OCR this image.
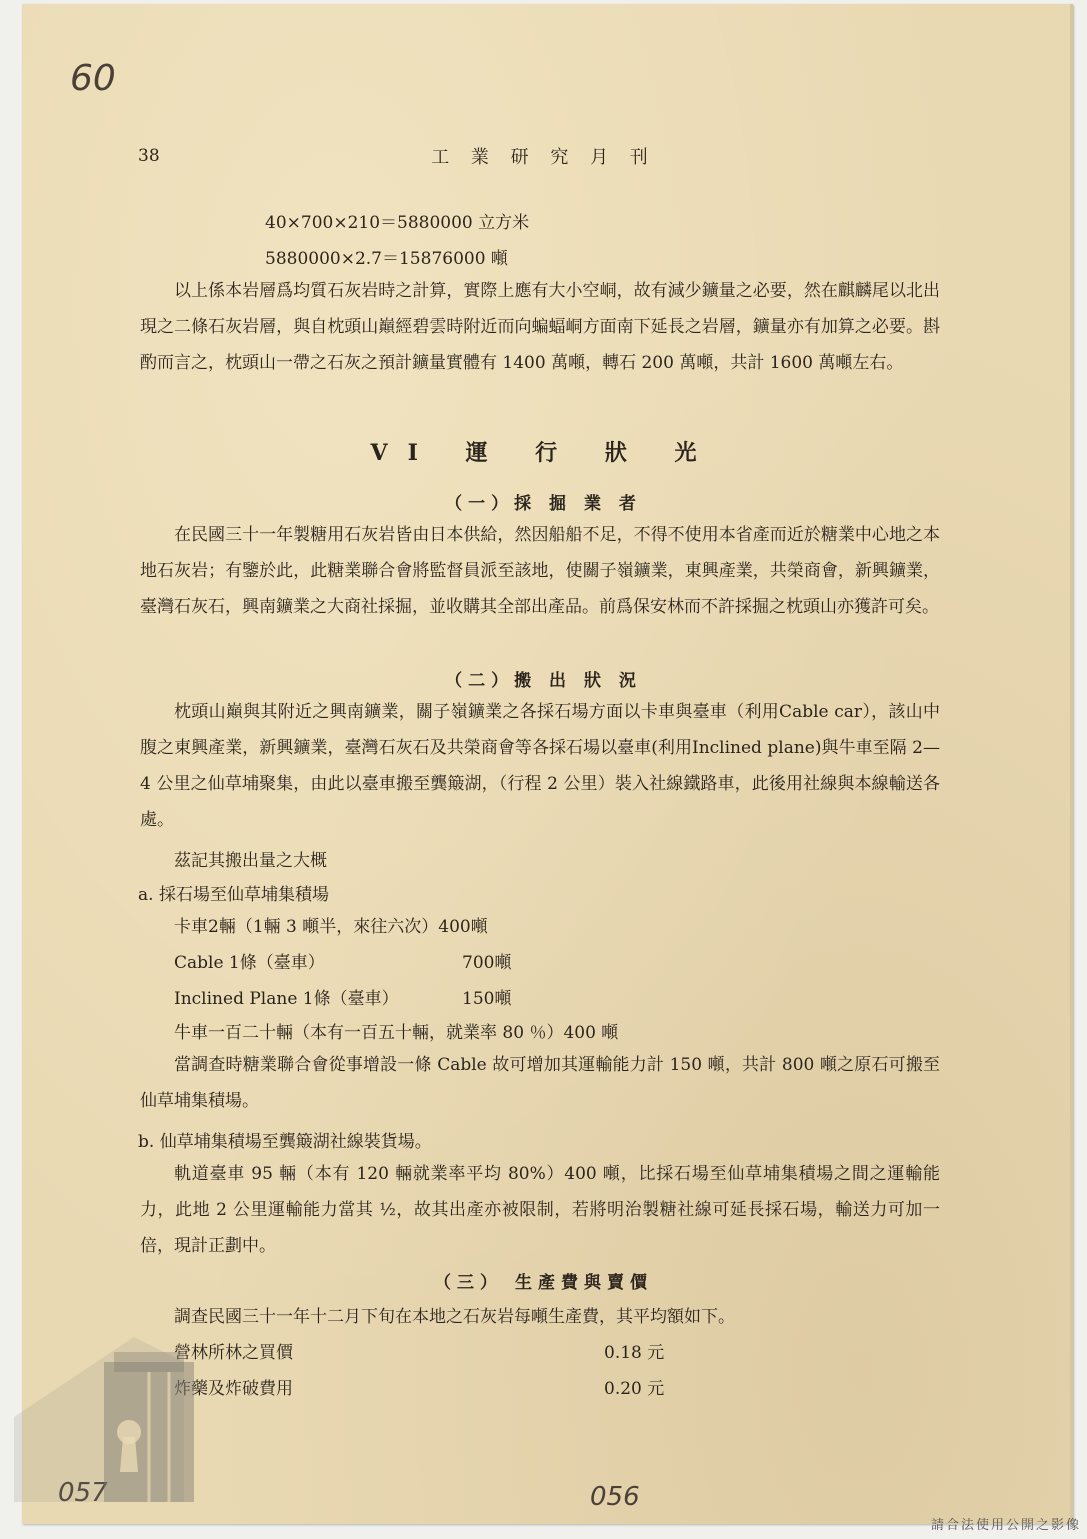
60
057	056
38	工 業 研 究 月 刊
40×700×210＝5880000 立方米
5880000×2.7＝15876000 噸
以上係本岩層爲均質石灰岩時之計算，實際上應有大小空峒，故有減少鑛量之必要，然在麒麟尾以北出現之二條石灰岩層，與自枕頭山巔經碧雲時附近而向蝙蝠峒方面南下延長之岩層，鑛量亦有加算之必要。斟酌而言之，枕頭山一帶之石灰之預計鑛量實體有 1400 萬噸，轉石 200 萬噸，共計 1600 萬噸左右。
VI 運 行 狀 光
（一）採 掘 業 者
在民國三十一年製糖用石灰岩皆由日本供給，然因船船不足，不得不使用本省產而近於糖業中心地之本地石灰岩；有鑒於此，此糖業聯合會將監督員派至該地，使關子嶺鑛業，東興產業，共榮商會，新興鑛業，臺灣石灰石，興南鑛業之大商社採掘，並收購其全部出產品。前爲保安林而不許採掘之枕頭山亦獲許可矣。
（二）搬 出 狀 況
枕頭山巔與其附近之興南鑛業，關子嶺鑛業之各採石場方面以卡車與臺車（利用Cable car），該山中腹之東興產業，新興鑛業，臺灣石灰石及共榮商會等各採石場以臺車(利用Inclined plane)與牛車至隔 2—4 公里之仙草埔聚集，由此以臺車搬至龔簸湖，（行程 2 公里）裝入社線鐵路車，此後用社線與本線輸送各處。
茲記其搬出量之大概
a. 採石場至仙草埔集積場
卡車2輛（1輛 3 噸半，來往六次）400噸
Cable 1條（臺車）	700噸
Inclined Plane 1條（臺車）	150噸
牛車一百二十輛（本有一百五十輛，就業率 80 ％）400 噸
當調查時糖業聯合會從事增設一條 Cable 故可增加其運輸能力計 150 噸，共計 800 噸之原石可搬至仙草埔集積場。
b. 仙草埔集積場至龔簸湖社線裝貨場。
軌道臺車 95 輛（本有 120 輛就業率平均 80%）400 噸，比採石場至仙草埔集積場之間之運輸能力，此地 2 公里運輸能力當其 ½，故其出產亦被限制，若將明治製糖社線可延長採石場，輸送力可加一倍，現計正劃中。
（三） 生產費與賣價
調查民國三十一年十二月下旬在本地之石灰岩每噸生產費，其平均額如下。
營林所林之買價	0.18 元
炸藥及炸破費用	0.20 元
請合法使用公開之影像
